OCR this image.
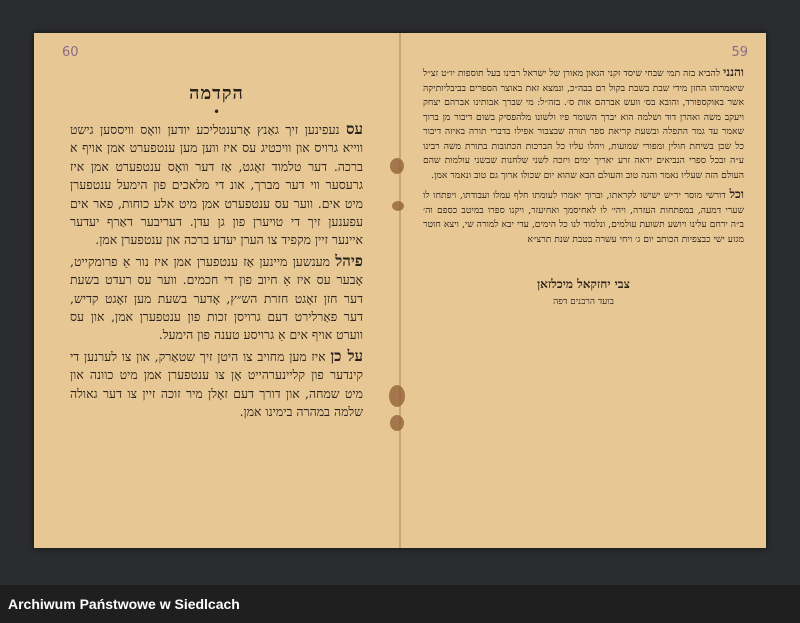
60
הקדמה
•

עס נעפינען זיך גאַנץ אָרענטליכע יודען וואָס וויססען גישט ווייא גרויס און וויכטיג עס איז ווען מען ענטפערט אמן אויף א ברכה. דער טלמוד זאָגט, אַז דער וואָס ענטפערט אמן איז גרעסער ווי דער מברך, אונ די מלאכים פון הימעל ענטפערן מיט אים. ווער עס ענטפערט אמן מיט אלע כוחות, פאר אים עפענען זיך די טויערן פון גן עדן. דעריבער דאַרף יעדער איינער זיין מקפיד צו הערן יעדע ברכה און ענטפערן אמן.

פיהל מענשען מיינען אַז ענטפערן אמן איז נור אַ פרומקייט, אָבער עס איז אַ חיוב פון די חכמים. ווער עס רעדט בשעת דער חזן זאָגט חזרת הש״ץ, אָדער בשעת מען זאָגט קדיש, דער פאַרלירט דעם גרויסן זכות פון ענטפערן אמן, און עס ווערט אויף אים אַ גרויסע טענה פון הימעל.

על כן איז מען מחויב צו היטן זיך שטאַרק, און צו לערנען די קינדער פון קליינערהייט אָן צו ענטפערן אמן מיט כוונה און מיט שמחה, און דורך דעם זאָלן מיר זוכה זיין צו דער גאולה שלמה במהרה בימינו אמן.

59

והנני להביא בזה תמי שבחי שיסד זקני הגאון מאורן של ישראל רבינו בעל תוספות יו״ט זצ״ל שיאמרוהו החזן מידי שבת בשבת בקול רם בבה״כ, ונמצא זאת באוצר הספרים בביבליותיקה אשר באוקספורד, והובא בס׳ וועש אברהם אות ס׳. בזה״ל: מי שברך אבותינו אברהם יצחק ויעקב משה ואהרן דוד ושלמה הוא יברך השומר פיו ולשונו מלהפסיק בשום דיבור מן ברוך שאמר עד גמר התפלה ובשעת קריאת ספר תורה שבצבור אפילו בדברי תורה באיזה דיבור כל שכן בשיחת חולין ומפורי שמועות, ויהלו עליו כל הברכות הכתובות בתורת משה רבינו ע״ה ובכל ספרי הנביאים יראה זרע יאריך ימים ויזכה לשני שלחנות שבשני עולמות שהם העולם הזה שעליו נאמר והנה טוב והעולם הבא שהוא יום שכולו ארוך גם טוב ונאמר אמן.

וכל דורשי מוסר יר״ש ישישו לקראתו, וברוך יאמרו לעומתו חלף עמלו ועבודתו, ויפתחו לו שערי דמעה, במפתחות העזרה, ויהי׳ לו לאחיסמך ואחיעזר, ויקנו ספרו במיטב כספם וה׳ ב״ה ירחם עלינו ויושע תשועת עולמים, ונלמוד לנו כל הימים, עדי יבא למורה שי, ויצא חוטר מגזע ישי כבצפיות הכותב יום ג׳ ויחי עשרה בטבת שנת תרצ״א

צבי יחזקאל מיכלזאן
בועד הרבנים דפה
Archiwum Państwowe w Siedlcach
